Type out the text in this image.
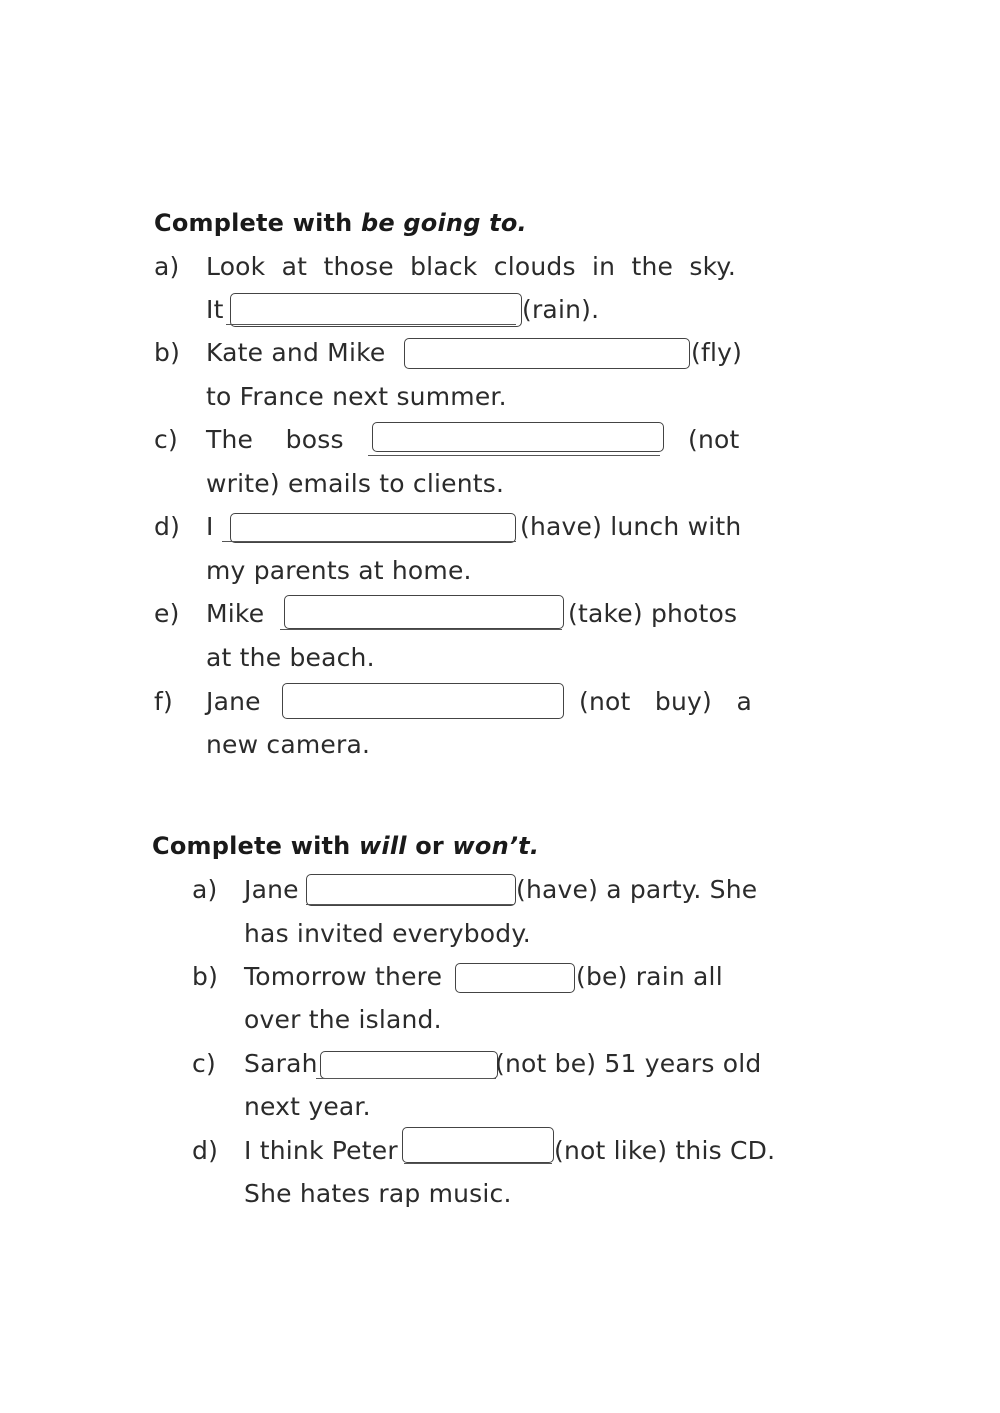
Complete with be going to.
a) Look  at  those  black  clouds  in  the  sky.
It	(rain).
b) Kate and Mike	(fly)
to France next summer.
c) The    boss	(not
write) emails to clients.
d) I	(have) lunch with
my parents at home.
e) Mike	(take) photos
at the beach.
f) Jane	(not   buy)   a
new camera.
Complete with will or won’t.
a) Jane	(have) a party. She
has invited everybody.
b) Tomorrow there	(be) rain all
over the island.
c) Sarah	(not be) 51 years old
next year.
d) I think Peter	(not like) this CD.
She hates rap music.
